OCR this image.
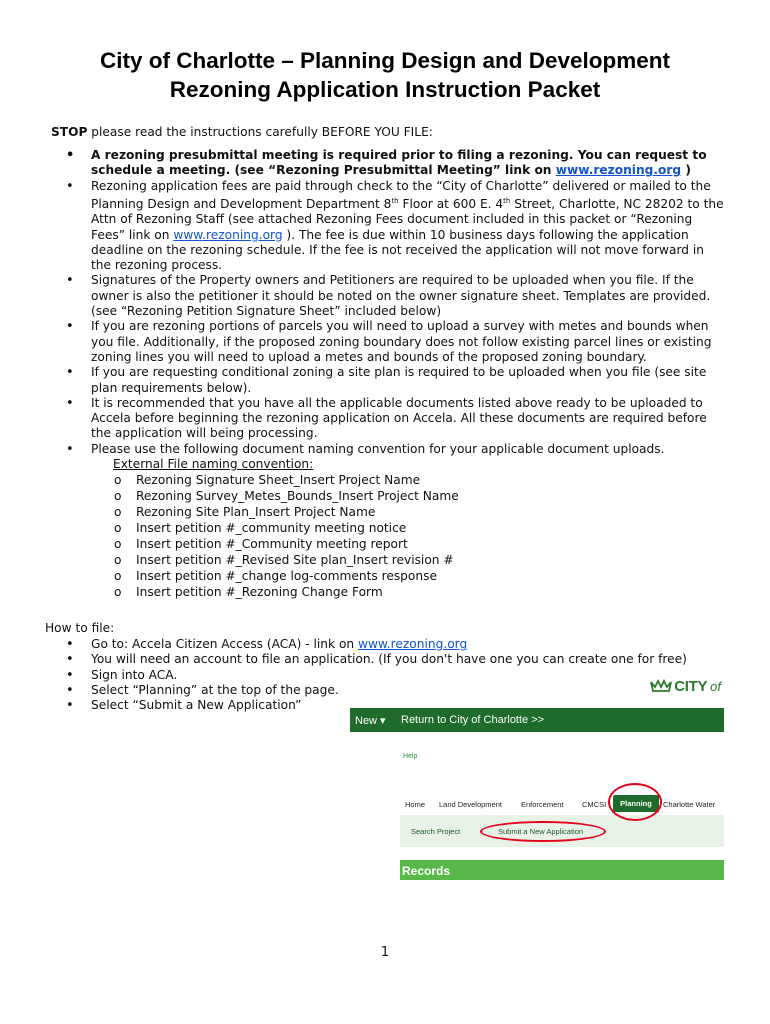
City of Charlotte – Planning Design and Development
Rezoning Application Instruction Packet
STOP please read the instructions carefully BEFORE YOU FILE:
• A rezoning presubmittal meeting is required prior to filing a rezoning. You can request to schedule a meeting. (see “Rezoning Presubmittal Meeting” link on www.rezoning.org )
• Rezoning application fees are paid through check to the “City of Charlotte” delivered or mailed to the Planning Design and Development Department 8th Floor at 600 E. 4th Street, Charlotte, NC 28202 to the Attn of Rezoning Staff (see attached Rezoning Fees document included in this packet or “Rezoning Fees” link on www.rezoning.org ). The fee is due within 10 business days following the application deadline on the rezoning schedule. If the fee is not received the application will not move forward in the rezoning process.
• Signatures of the Property owners and Petitioners are required to be uploaded when you file. If the owner is also the petitioner it should be noted on the owner signature sheet. Templates are provided. (see “Rezoning Petition Signature Sheet” included below)
• If you are rezoning portions of parcels you will need to upload a survey with metes and bounds when you file. Additionally, if the proposed zoning boundary does not follow existing parcel lines or existing zoning lines you will need to upload a metes and bounds of the proposed zoning boundary.
• If you are requesting conditional zoning a site plan is required to be uploaded when you file (see site plan requirements below).
• It is recommended that you have all the applicable documents listed above ready to be uploaded to Accela before beginning the rezoning application on Accela. All these documents are required before the application will being processing.
• Please use the following document naming convention for your applicable document uploads.
External File naming convention:
o Rezoning Signature Sheet_Insert Project Name
o Rezoning Survey_Metes_Bounds_Insert Project Name
o Rezoning Site Plan_Insert Project Name
o Insert petition #_community meeting notice
o Insert petition #_Community meeting report
o Insert petition #_Revised Site plan_Insert revision #
o Insert petition #_change log-comments response
o Insert petition #_Rezoning Change Form
How to file:
• Go to: Accela Citizen Access (ACA) - link on www.rezoning.org
• You will need an account to file an application. (If you don't have one you can create one for free)
• Sign into ACA.
• Select “Planning” at the top of the page.
• Select “Submit a New Application”
CITY of
New ▾ Return to City of Charlotte >>
Help
Home Land Development	Enforcement CMCSI	Charlotte Water
Planning
Search Project	Submit a New Application
Records
1
